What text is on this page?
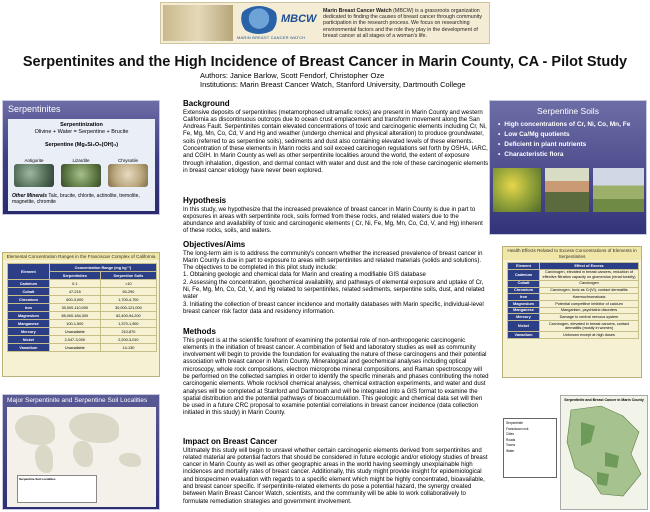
MBCW
MARIN BREAST CANCER WATCH
Marin Breast Cancer Watch (MBCW) is a grassroots organization dedicated to finding the causes of breast cancer through community participation in the research process. We focus on researching environmental factors and the role they play in the development of breast cancer at all stages of a woman's life.
Serpentinites and the High Incidence of Breast Cancer in Marin County, CA - Pilot Study
Authors: Janice Barlow, Scott Fendorf, Christopher Oze
Institutions: Marin Breast Cancer Watch, Stanford University, Dartmouth College
Serpentinites
Serpentinization
Olivine + Water = Serpentine + Brucite
Serpentine (Mg₃Si₂O₅(OH)₄)
Antigorite	Lizardite	Chrysotile
Other Minerals Talc, brucite, chlorite, actinolite, tremolite, magnetite, chromite
Elemental Concentration Ranges in the Franciscan Complex of California
Element	Concentration Range (mg kg⁻¹)	
	Serpentinites	Serpentine Soils
Cadmium	0.1	<10
Cobalt	47-215	50-290
Chromium	600-3,000	1,700-4,700
Iron	30,000-110,000	30,000-121,000
Magnesium	85,000-184,300	62,400-94,200
Manganese	100-1,500	1,370-1,900
Mercury	Unavailable	210-870
Nickel	2,047-3,000	2,200-3,010
Vanadium	Unavailable	14-130
Major Serpentinite and Serpentine Soil Localities
Serpentine Soil Localities
Background

Extensive deposits of serpentinites (metamorphosed ultramafic rocks) are present in Marin County and western California as discontinuous outcrops due to ocean crust emplacement and transform movement along the San Andreas Fault. Serpentinites contain elevated concentrations of toxic and carcinogenic elements including Cr, Ni, Fe, Mg, Mn, Co, Cd, V and Hg and weather (undergo chemical and physical alteration) to produce groundwater, soils (referred to as serpentine soils), sediments and dust also containing elevated levels of these elements. Concentration of these elements in Marin rocks and soil exceed carcinogen regulations set forth by OSHA, IARC, and CGIH. In Marin County as well as other serpentinite localities around the world, the extent of exposure through inhalation, digestion, and dermal contact with water and dust and the role of these carcinogenic elements in breast cancer etiology have never been explored.

Hypothesis

In this study, we hypothesize that the increased prevalence of breast cancer in Marin County is due in part to exposures in areas with serpentinite rock, soils formed from these rocks, and related waters due to the abundance and availability of toxic and carcinogenic elements ( Cr, Ni, Fe, Mg, Mn, Co, Cd, V, and Hg) inherent of these rocks, soils, and waters.

Objectives/Aims

The long-term aim is to address the community's concern whether the increased prevalence of breast cancer in Marin County is due in part to exposure to areas with serpentinites and related materials (solids and solutions). The objectives to be completed in this pilot study include:

1. Obtaining geologic and chemical data for Marin and creating a modifiable GIS database

2. Assessing the concentration, geochemical availability, and pathways of elemental exposure and uptake of Cr, Ni, Fe, Mg, Mn, Co, Cd, V, and Hg related to serpentinites, related sediments, serpentine soils, dust, and related water

3. Initiating the collection of breast cancer incidence and mortality databases with Marin specific, individual-level breast cancer risk factor data and residency information.

Methods

This project is at the scientific forefront of examining the potential role of non-anthropogenic carcinogenic elements in the initiation of breast cancer. A combination of field and laboratory studies as well as community involvement will begin to provide the foundation for evaluating the nature of these carcinogens and their potential association with breast cancer in Marin County. Mineralogical and geochemical analyses including optical microscopy, whole rock compositions, electron microprobe mineral compositions, and Raman spectroscopy will be performed on the collected samples in order to identify the specific minerals and phases contributing the noted carcinogenic elements. Whole rock/soil chemical analyses, chemical extraction experiments, and water and dust analyses will be completed at Stanford and Dartmouth and will be integrated into a GIS format to examine the spatial distribution and the potential pathways of bioaccumulation. This geologic and chemical data set will then be used in a future CRC proposal to examine potential correlations in breast cancer incidence (data collection initiated in this study) in Marin County.

Impact on Breast Cancer

Ultimately this study will begin to unravel whether certain carcinogenic elements derived from serpentinites and related material are potential factors that should be considered in future ecologic and/or etiology studies of breast cancer in Marin County as well as other geographic areas in the world having seemingly unexplainable high incidences and mortality rates of breast cancer. Additionally, this study might provide insight for epidemiological and biospecimen evaluation with regards to a specific element which might be highly concentrated, bioavailable, and breast cancer specific. If serpentinite-related elements do pose a potential hazard, the synergy created between Marin Breast Cancer Watch, scientists, and the community will be able to work collaboratively to formulate remediation strategies and government involvement.

Serpentine Soils
• High concentrations of Cr, Ni, Co, Mn, Fe
• Low Ca/Mg quotients
• Deficient in plant nutrients
• Characteristic flora
Health Effects Related to Excess Concentrations of Elements in Serpentinites
Element	Effect of Excess
Cadmium	Carcinogen, elevated in breast cancers, reduction of effective filtration capacity on glomerulus (renal toxicity)
Cobalt	Carcinogen
Chromium	Carcinogen, toxic as Cr(VI), contact dermatitis
Iron	Haemochromatosis
Magnesium	Potential competitive inhibitor of calcium
Manganese	Manganism, psychiatric disorders
Mercury	Damage to central nervous system
Nickel	Carcinogen, elevated in breast cancers, contact dermatitis (mostly in women)
Vanadium	Unknown except at high doses
Serpentinite and Breast Cancer in Marin County
Serpentinite
Franciscan rock
Cities
Roads
Towns
Water
